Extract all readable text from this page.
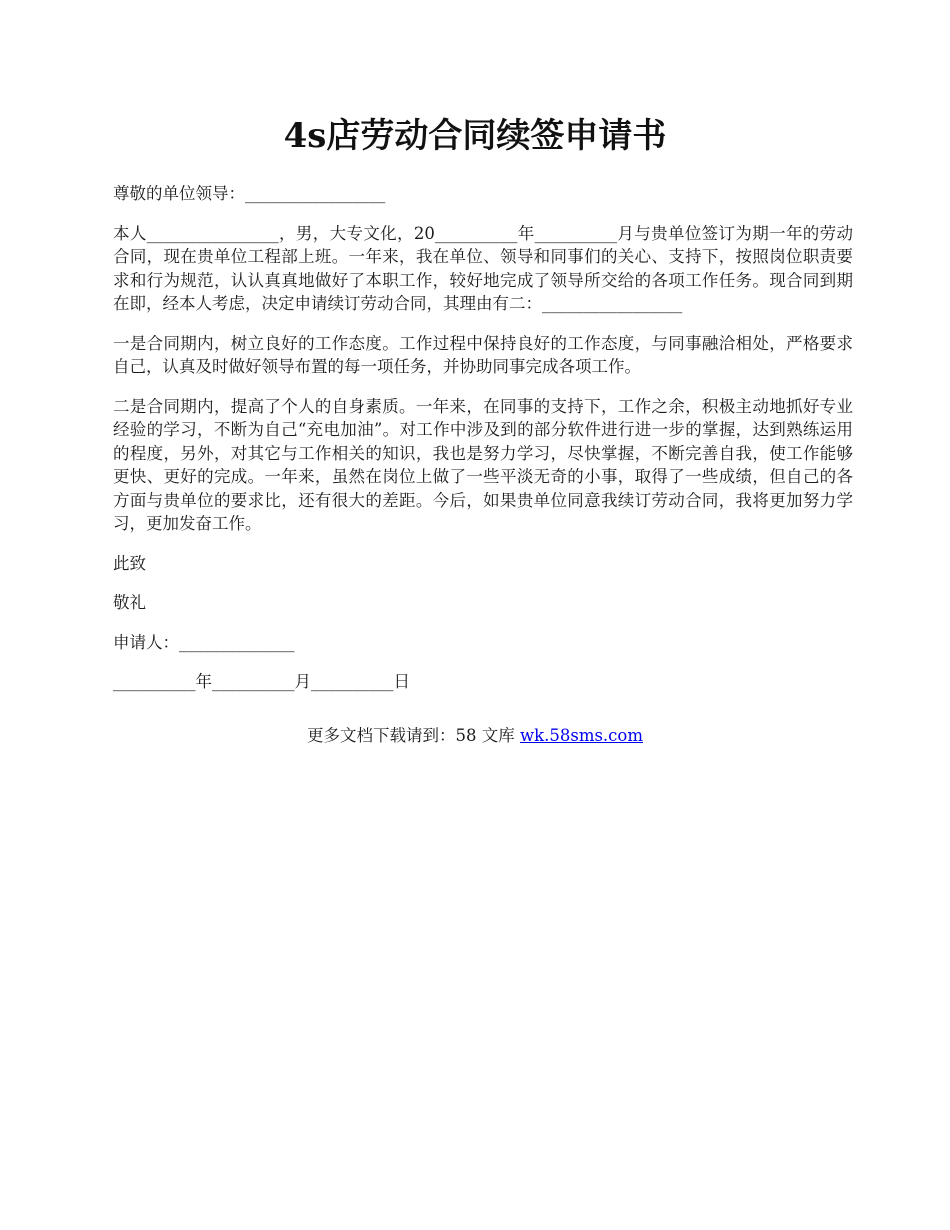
4s店劳动合同续签申请书

尊敬的单位领导：_________________

本人________________，男，大专文化，20__________年__________月与贵单位签订为期一年的劳动合同，现在贵单位工程部上班。一年来，我在单位、领导和同事们的关心、支持下，按照岗位职责要求和行为规范，认认真真地做好了本职工作，较好地完成了领导所交给的各项工作任务。现合同到期在即，经本人考虑，决定申请续订劳动合同，其理由有二：_________________

一是合同期内，树立良好的工作态度。工作过程中保持良好的工作态度，与同事融洽相处，严格要求自己，认真及时做好领导布置的每一项任务，并协助同事完成各项工作。

二是合同期内，提高了个人的自身素质。一年来，在同事的支持下，工作之余，积极主动地抓好专业经验的学习，不断为自己“充电加油”。对工作中涉及到的部分软件进行进一步的掌握，达到熟练运用的程度，另外，对其它与工作相关的知识，我也是努力学习，尽快掌握，不断完善自我，使工作能够更快、更好的完成。一年来，虽然在岗位上做了一些平淡无奇的小事，取得了一些成绩，但自己的各方面与贵单位的要求比，还有很大的差距。今后，如果贵单位同意我续订劳动合同，我将更加努力学习，更加发奋工作。

此致

敬礼

申请人：______________

__________年__________月__________日

更多文档下载请到：58 文库 wk.58sms.com
